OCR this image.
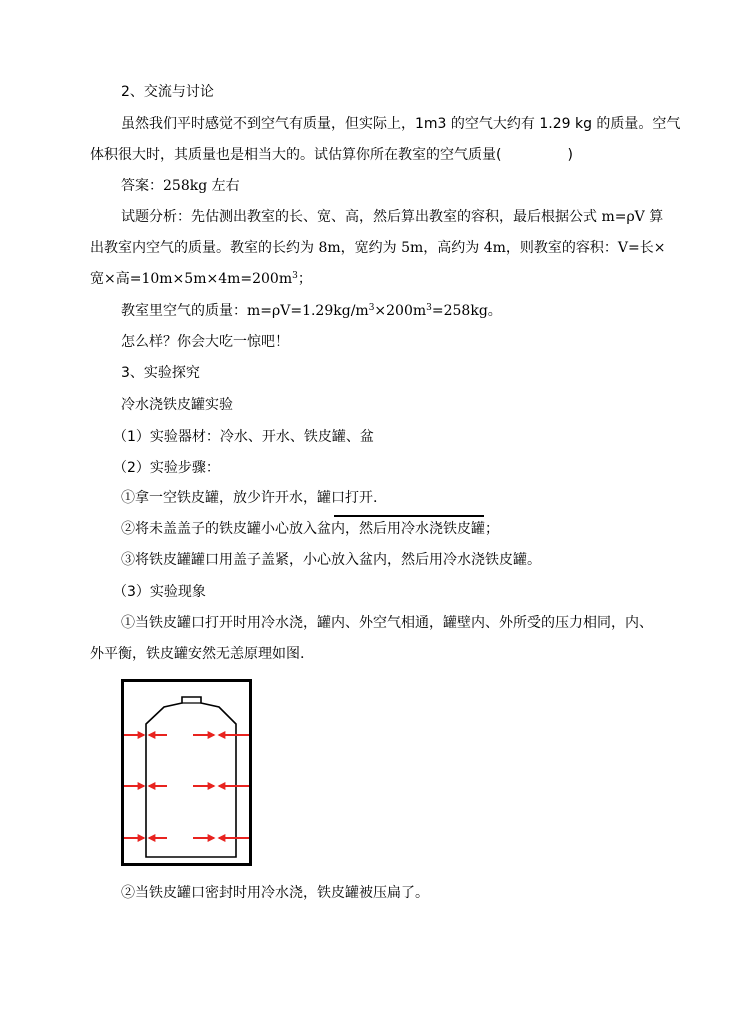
2、交流与讨论
虽然我们平时感觉不到空气有质量，但实际上，1m3 的空气大约有 1.29 kg 的质量。空气
体积很大时，其质量也是相当大的。试估算你所在教室的空气质量(	)
答案：258kg 左右
试题分析：先估测出教室的长、宽、高，然后算出教室的容积，最后根据公式 m=ρV 算
出教室内空气的质量。教室的长约为 8m，宽约为 5m，高约为 4m，则教室的容积：V=长×
宽×高$=10m\times 5m\times 4m=200m^3$；
教室里空气的质量：$m=\rho V=1.29kg/m^3\times 200m^3=258kg$。
怎么样？你会大吃一惊吧！
3、实验探究
冷水浇铁皮罐实验
（1）实验器材：冷水、开水、铁皮罐、盆
（2）实验步骤：
①拿一空铁皮罐，放少许开水，罐口打开.
②将未盖盖子的铁皮罐小心放入盆内，然后用冷水浇铁皮罐；
③将铁皮罐罐口用盖子盖紧，小心放入盆内，然后用冷水浇铁皮罐。
（3）实验现象
①当铁皮罐口打开时用冷水浇，罐内、外空气相通，罐壁内、外所受的压力相同，内、
外平衡，铁皮罐安然无恙原理如图.
②当铁皮罐口密封时用冷水浇，铁皮罐被压扁了。
